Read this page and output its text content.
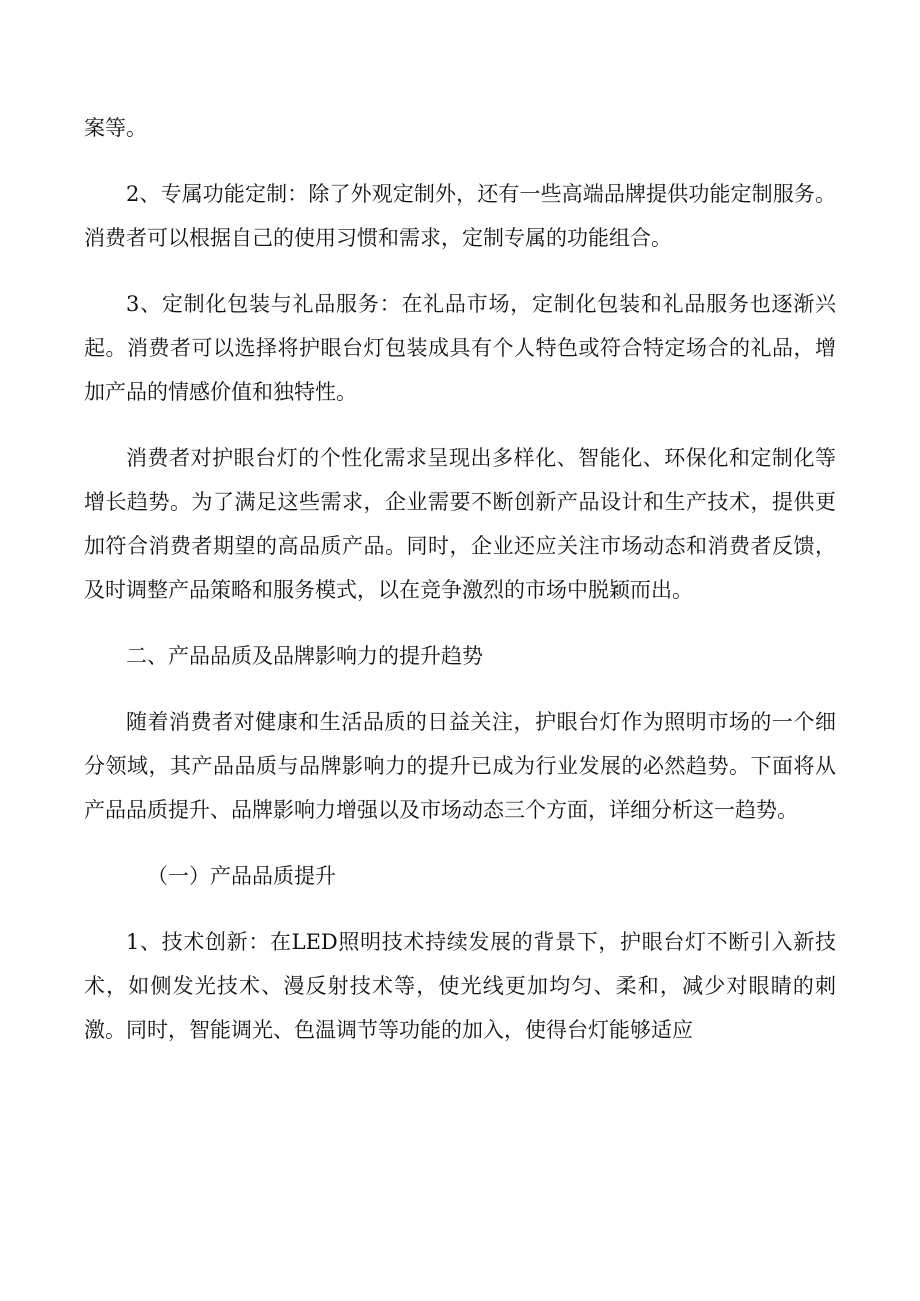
案等。

2、专属功能定制：除了外观定制外，还有一些高端品牌提供功能定制服务。消费者可以根据自己的使用习惯和需求，定制专属的功能组合。

3、定制化包装与礼品服务：在礼品市场，定制化包装和礼品服务也逐渐兴起。消费者可以选择将护眼台灯包装成具有个人特色或符合特定场合的礼品，增加产品的情感价值和独特性。

消费者对护眼台灯的个性化需求呈现出多样化、智能化、环保化和定制化等增长趋势。为了满足这些需求，企业需要不断创新产品设计和生产技术，提供更加符合消费者期望的高品质产品。同时，企业还应关注市场动态和消费者反馈，及时调整产品策略和服务模式，以在竞争激烈的市场中脱颖而出。

二、产品品质及品牌影响力的提升趋势

随着消费者对健康和生活品质的日益关注，护眼台灯作为照明市场的一个细分领域，其产品品质与品牌影响力的提升已成为行业发展的必然趋势。下面将从产品品质提升、品牌影响力增强以及市场动态三个方面，详细分析这一趋势。

（一）产品品质提升

1、技术创新：在LED照明技术持续发展的背景下，护眼台灯不断引入新技术，如侧发光技术、漫反射技术等，使光线更加均匀、柔和，减少对眼睛的刺激。同时，智能调光、色温调节等功能的加入，使得台灯能够适应
